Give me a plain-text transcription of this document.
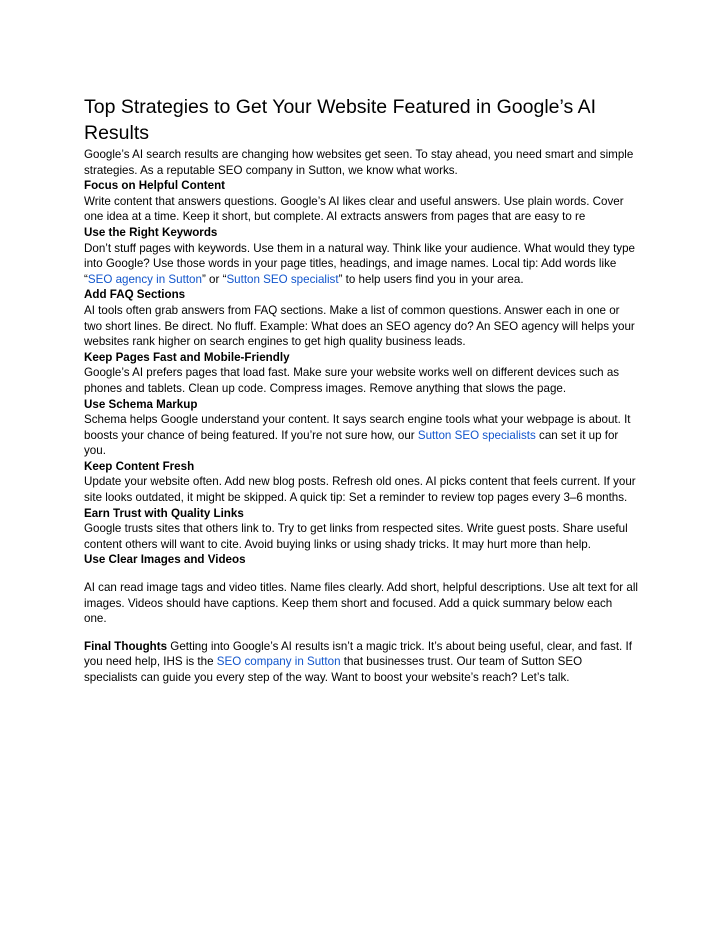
Top Strategies to Get Your Website Featured in Google’s AI Results

Google’s AI search results are changing how websites get seen. To stay ahead, you need smart and simple strategies. As a reputable SEO company in Sutton, we know what works.

Focus on Helpful Content

Write content that answers questions. Google’s AI likes clear and useful answers. Use plain words. Cover one idea at a time. Keep it short, but complete. AI extracts answers from pages that are easy to re

Use the Right Keywords

Don’t stuff pages with keywords. Use them in a natural way. Think like your audience. What would they type into Google? Use those words in your page titles, headings, and image names. Local tip: Add words like “SEO agency in Sutton” or “Sutton SEO specialist” to help users find you in your area.

Add FAQ Sections

AI tools often grab answers from FAQ sections. Make a list of common questions. Answer each in one or two short lines. Be direct. No fluff. Example: What does an SEO agency do? An SEO agency will helps your websites rank higher on search engines to get high quality business leads.

Keep Pages Fast and Mobile-Friendly

Google’s AI prefers pages that load fast. Make sure your website works well on different devices such as phones and tablets. Clean up code. Compress images. Remove anything that slows the page.

Use Schema Markup

Schema helps Google understand your content. It says search engine tools what your webpage is about. It boosts your chance of being featured. If you’re not sure how, our Sutton SEO specialists can set it up for you.

Keep Content Fresh

Update your website often. Add new blog posts. Refresh old ones. AI picks content that feels current. If your site looks outdated, it might be skipped. A quick tip: Set a reminder to review top pages every 3–6 months.

Earn Trust with Quality Links

Google trusts sites that others link to. Try to get links from respected sites. Write guest posts. Share useful content others will want to cite. Avoid buying links or using shady tricks. It may hurt more than help.

Use Clear Images and Videos

AI can read image tags and video titles. Name files clearly. Add short, helpful descriptions. Use alt text for all images. Videos should have captions. Keep them short and focused. Add a quick summary below each one.

Final Thoughts Getting into Google’s AI results isn’t a magic trick. It’s about being useful, clear, and fast. If you need help, IHS is the SEO company in Sutton that businesses trust. Our team of Sutton SEO specialists can guide you every step of the way. Want to boost your website’s reach? Let’s talk.
